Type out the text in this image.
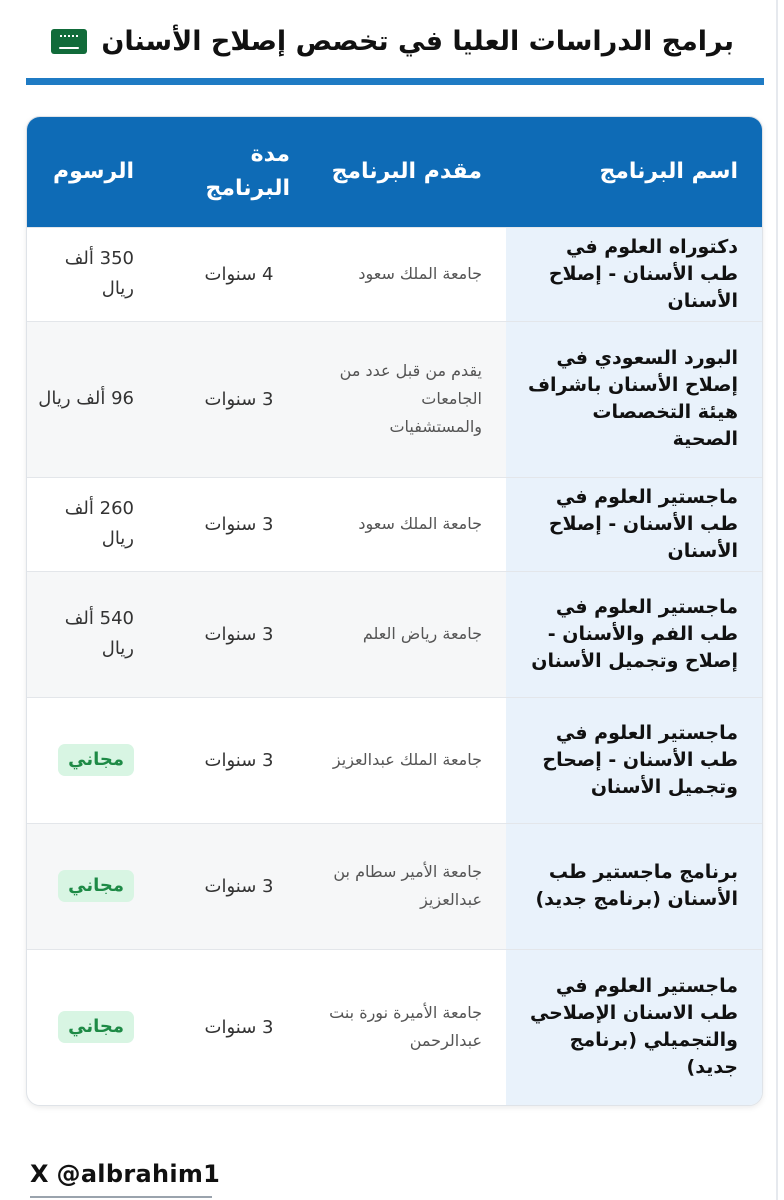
برامج الدراسات العليا في تخصص إصلاح الأسنان
اسم البرنامج	مقدم البرنامج	مدة البرنامج	الرسوم
دكتوراه العلوم في طب الأسنان - إصلاح الأسنان	جامعة الملك سعود	4 سنوات	350 ألف ريال
البورد السعودي في إصلاح الأسنان باشراف هيئة التخصصات الصحية	يقدم من قبل عدد من الجامعات والمستشفيات	3 سنوات	96 ألف ريال
ماجستير العلوم في طب الأسنان - إصلاح الأسنان	جامعة الملك سعود	3 سنوات	260 ألف ريال
ماجستير العلوم في طب الفم والأسنان - إصلاح وتجميل الأسنان	جامعة رياض العلم	3 سنوات	540 ألف ريال
ماجستير العلوم في طب الأسنان - إصحاح وتجميل الأسنان	جامعة الملك عبدالعزيز	3 سنوات	مجاني
برنامج ماجستير طب الأسنان (برنامج جديد)	جامعة الأمير سطام بن عبدالعزيز	3 سنوات	مجاني
ماجستير العلوم في طب الاسنان الإصلاحي والتجميلي (برنامج جديد)	جامعة الأميرة نورة بنت عبدالرحمن	3 سنوات	مجاني
X @albrahim1
